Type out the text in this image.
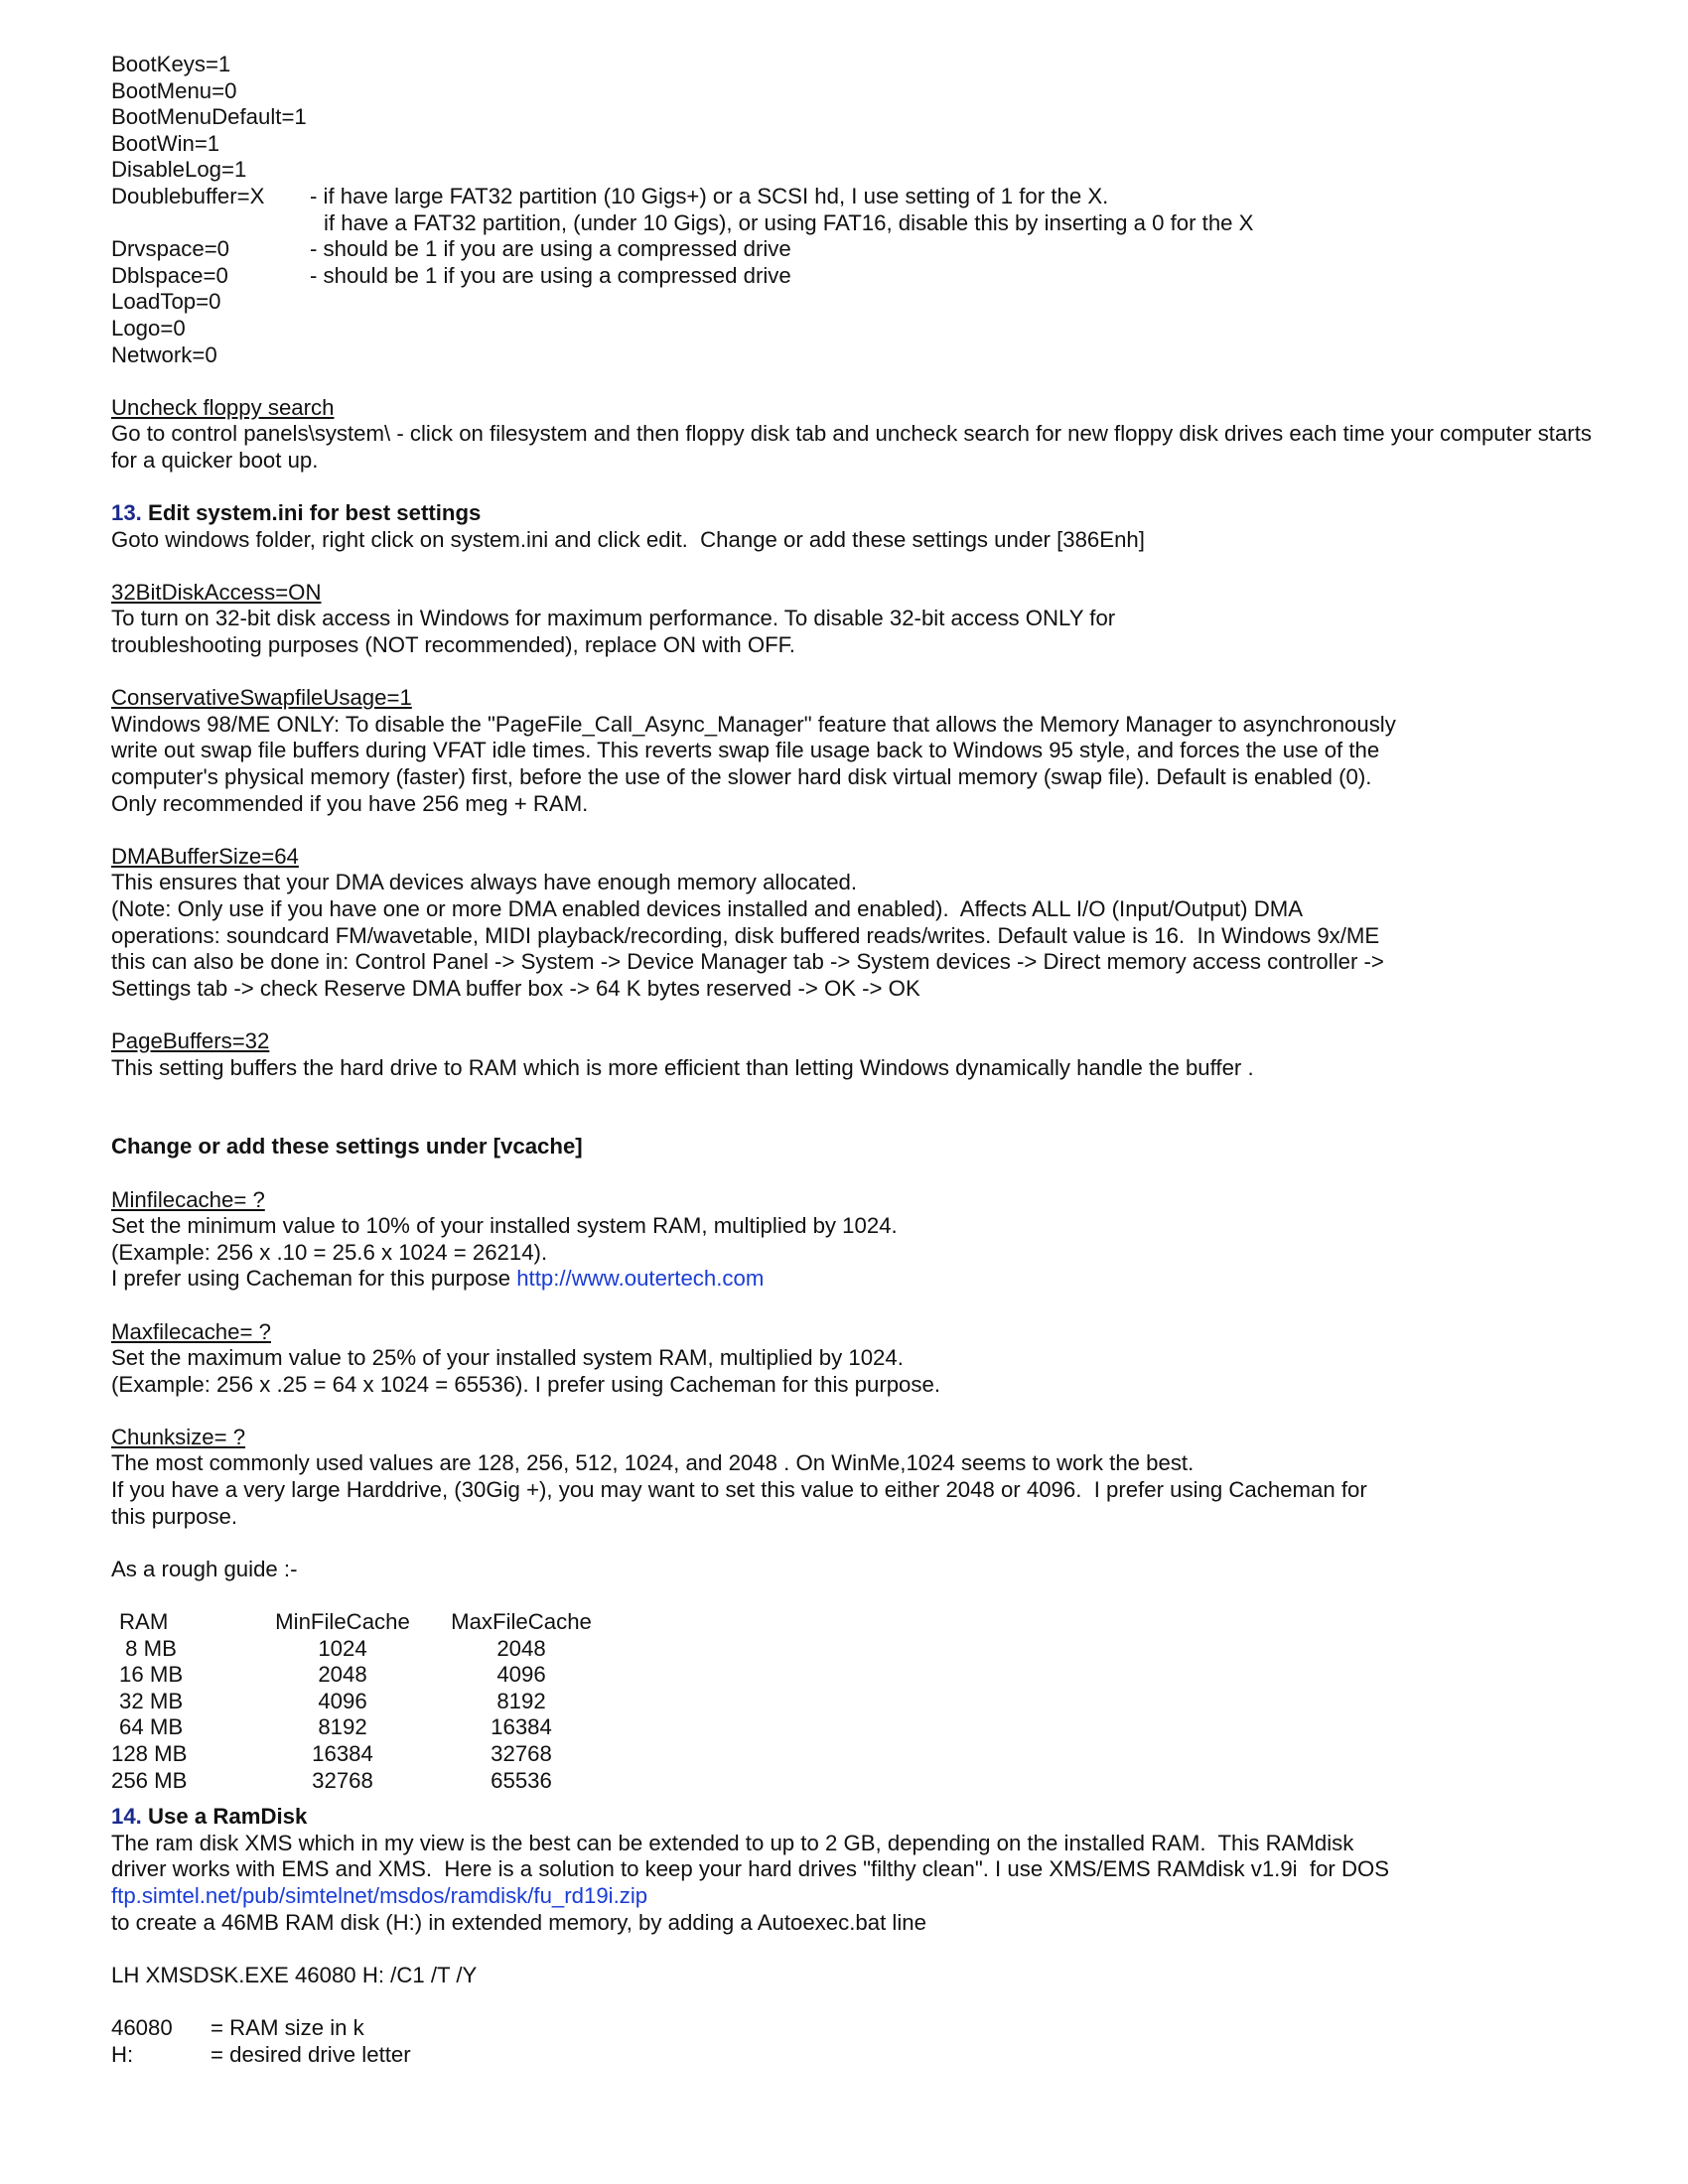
BootKeys=1
BootMenu=0
BootMenuDefault=1
BootWin=1
DisableLog=1
Doublebuffer=X	- if have large FAT32 partition (10 Gigs+) or a SCSI hd, I use setting of 1 for the X.
if have a FAT32 partition, (under 10 Gigs), or using FAT16, disable this by inserting a 0 for the X
Drvspace=0	- should be 1 if you are using a compressed drive
Dblspace=0	- should be 1 if you are using a compressed drive
LoadTop=0
Logo=0
Network=0
Uncheck floppy search
Go to control panels\system\ - click on filesystem and then floppy disk tab and uncheck search for new floppy disk drives each time your computer starts for a quicker boot up.
13. Edit system.ini for best settings
Goto windows folder, right click on system.ini and click edit.  Change or add these settings under [386Enh]
32BitDiskAccess=ON
To turn on 32-bit disk access in Windows for maximum performance. To disable 32-bit access ONLY for
troubleshooting purposes (NOT recommended), replace ON with OFF.
ConservativeSwapfileUsage=1
Windows 98/ME ONLY: To disable the "PageFile_Call_Async_Manager" feature that allows the Memory Manager to asynchronously
write out swap file buffers during VFAT idle times. This reverts swap file usage back to Windows 95 style, and forces the use of the
computer's physical memory (faster) first, before the use of the slower hard disk virtual memory (swap file). Default is enabled (0).
Only recommended if you have 256 meg + RAM.
DMABufferSize=64
This ensures that your DMA devices always have enough memory allocated.
(Note: Only use if you have one or more DMA enabled devices installed and enabled).  Affects ALL I/O (Input/Output) DMA
operations: soundcard FM/wavetable, MIDI playback/recording, disk buffered reads/writes. Default value is 16.  In Windows 9x/ME
this can also be done in: Control Panel -> System -> Device Manager tab -> System devices -> Direct memory access controller ->
Settings tab -> check Reserve DMA buffer box -> 64 K bytes reserved -> OK -> OK
PageBuffers=32
This setting buffers the hard drive to RAM which is more efficient than letting Windows dynamically handle the buffer .
Change or add these settings under [vcache]
Minfilecache= ?
Set the minimum value to 10% of your installed system RAM, multiplied by 1024.
(Example: 256 x .10 = 25.6 x 1024 = 26214).
I prefer using Cacheman for this purpose http://www.outertech.com
Maxfilecache= ?
Set the maximum value to 25% of your installed system RAM, multiplied by 1024.
(Example: 256 x .25 = 64 x 1024 = 65536). I prefer using Cacheman for this purpose.
Chunksize= ?
The most commonly used values are 128, 256, 512, 1024, and 2048 . On WinMe,1024 seems to work the best.
If you have a very large Harddrive, (30Gig +), you may want to set this value to either 2048 or 4096.  I prefer using Cacheman for
this purpose.
As a rough guide :-
RAM	MinFileCache	MaxFileCache
8 MB	1024	2048
16 MB	2048	4096
32 MB	4096	8192
64 MB	8192	16384
128 MB	16384	32768
256 MB	32768	65536
14. Use a RamDisk
The ram disk XMS which in my view is the best can be extended to up to 2 GB, depending on the installed RAM.  This RAMdisk
driver works with EMS and XMS.  Here is a solution to keep your hard drives "filthy clean". I use XMS/EMS RAMdisk v1.9i  for DOS
ftp.simtel.net/pub/simtelnet/msdos/ramdisk/fu_rd19i.zip
to create a 46MB RAM disk (H:) in extended memory, by adding a Autoexec.bat line
LH XMSDSK.EXE 46080 H: /C1 /T /Y
46080	= RAM size in k
H:	= desired drive letter
